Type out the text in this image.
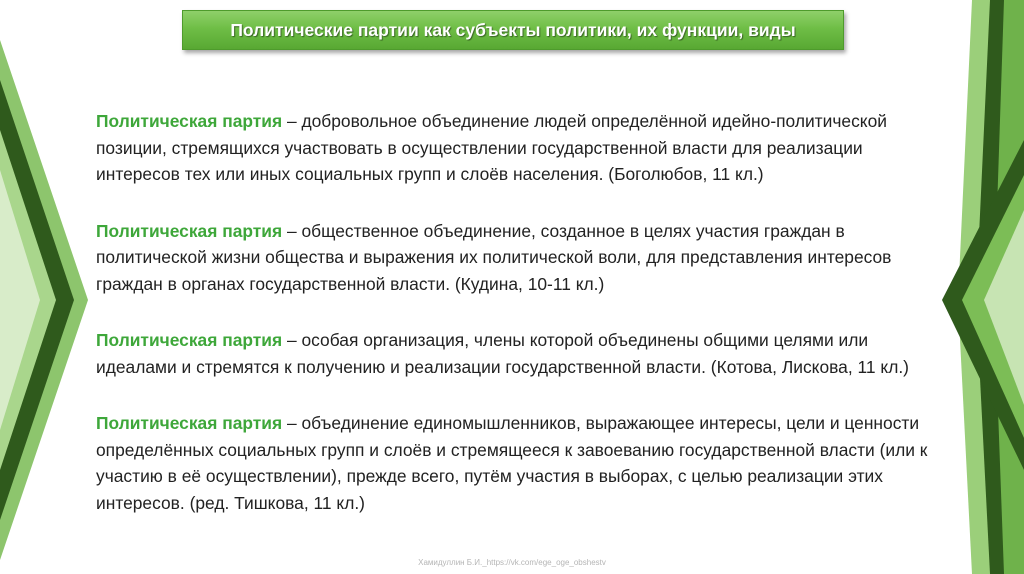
Политические партии как субъекты политики, их функции, виды

Политическая партия – добровольное объединение людей определённой идейно-политической позиции, стремящихся участвовать в осуществлении государственной власти для реализации интересов тех или иных социальных групп и слоёв населения. (Боголюбов, 11 кл.)

Политическая партия – общественное объединение, созданное в целях участия граждан в политической жизни общества и выражения их политической воли, для представления интересов граждан в органах государственной власти. (Кудина, 10-11 кл.)

Политическая партия – особая организация, члены которой объединены общими целями или идеалами и стремятся к получению и реализации государственной власти. (Котова, Лискова, 11 кл.)

Политическая партия – объединение единомышленников, выражающее интересы, цели и ценности определённых социальных групп и слоёв и стремящееся к завоеванию государственной власти (или к участию в её осуществлении), прежде всего, путём участия в выборах, с целью реализации этих интересов. (ред. Тишкова, 11 кл.)

Хамидуллин Б.И._https://vk.com/ege_oge_obshestv
